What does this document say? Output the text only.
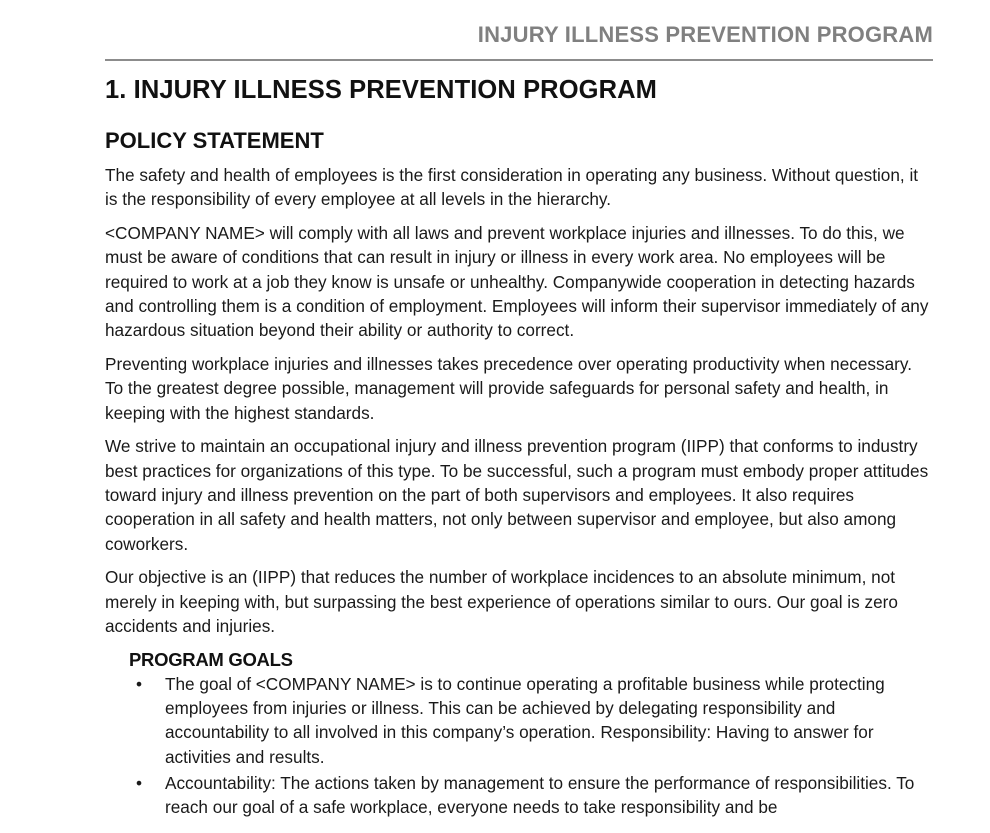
INJURY ILLNESS PREVENTION PROGRAM
1. INJURY ILLNESS PREVENTION PROGRAM
POLICY STATEMENT

The safety and health of employees is the first consideration in operating any business. Without question, it is the responsibility of every employee at all levels in the hierarchy.

<COMPANY NAME> will comply with all laws and prevent workplace injuries and illnesses. To do this, we must be aware of conditions that can result in injury or illness in every work area. No employees will be required to work at a job they know is unsafe or unhealthy. Companywide cooperation in detecting hazards and controlling them is a condition of employment. Employees will inform their supervisor immediately of any hazardous situation beyond their ability or authority to correct.

Preventing workplace injuries and illnesses takes precedence over operating productivity when necessary. To the greatest degree possible, management will provide safeguards for personal safety and health, in keeping with the highest standards.

We strive to maintain an occupational injury and illness prevention program (IIPP) that conforms to industry best practices for organizations of this type. To be successful, such a program must embody proper attitudes toward injury and illness prevention on the part of both supervisors and employees. It also requires cooperation in all safety and health matters, not only between supervisor and employee, but also among coworkers.

Our objective is an (IIPP) that reduces the number of workplace incidences to an absolute minimum, not merely in keeping with, but surpassing the best experience of operations similar to ours. Our goal is zero accidents and injuries.

PROGRAM GOALS
• The goal of <COMPANY NAME> is to continue operating a profitable business while protecting employees from injuries or illness. This can be achieved by delegating responsibility and accountability to all involved in this company’s operation. Responsibility: Having to answer for activities and results.
• Accountability: The actions taken by management to ensure the performance of responsibilities. To reach our goal of a safe workplace, everyone needs to take responsibility and be
